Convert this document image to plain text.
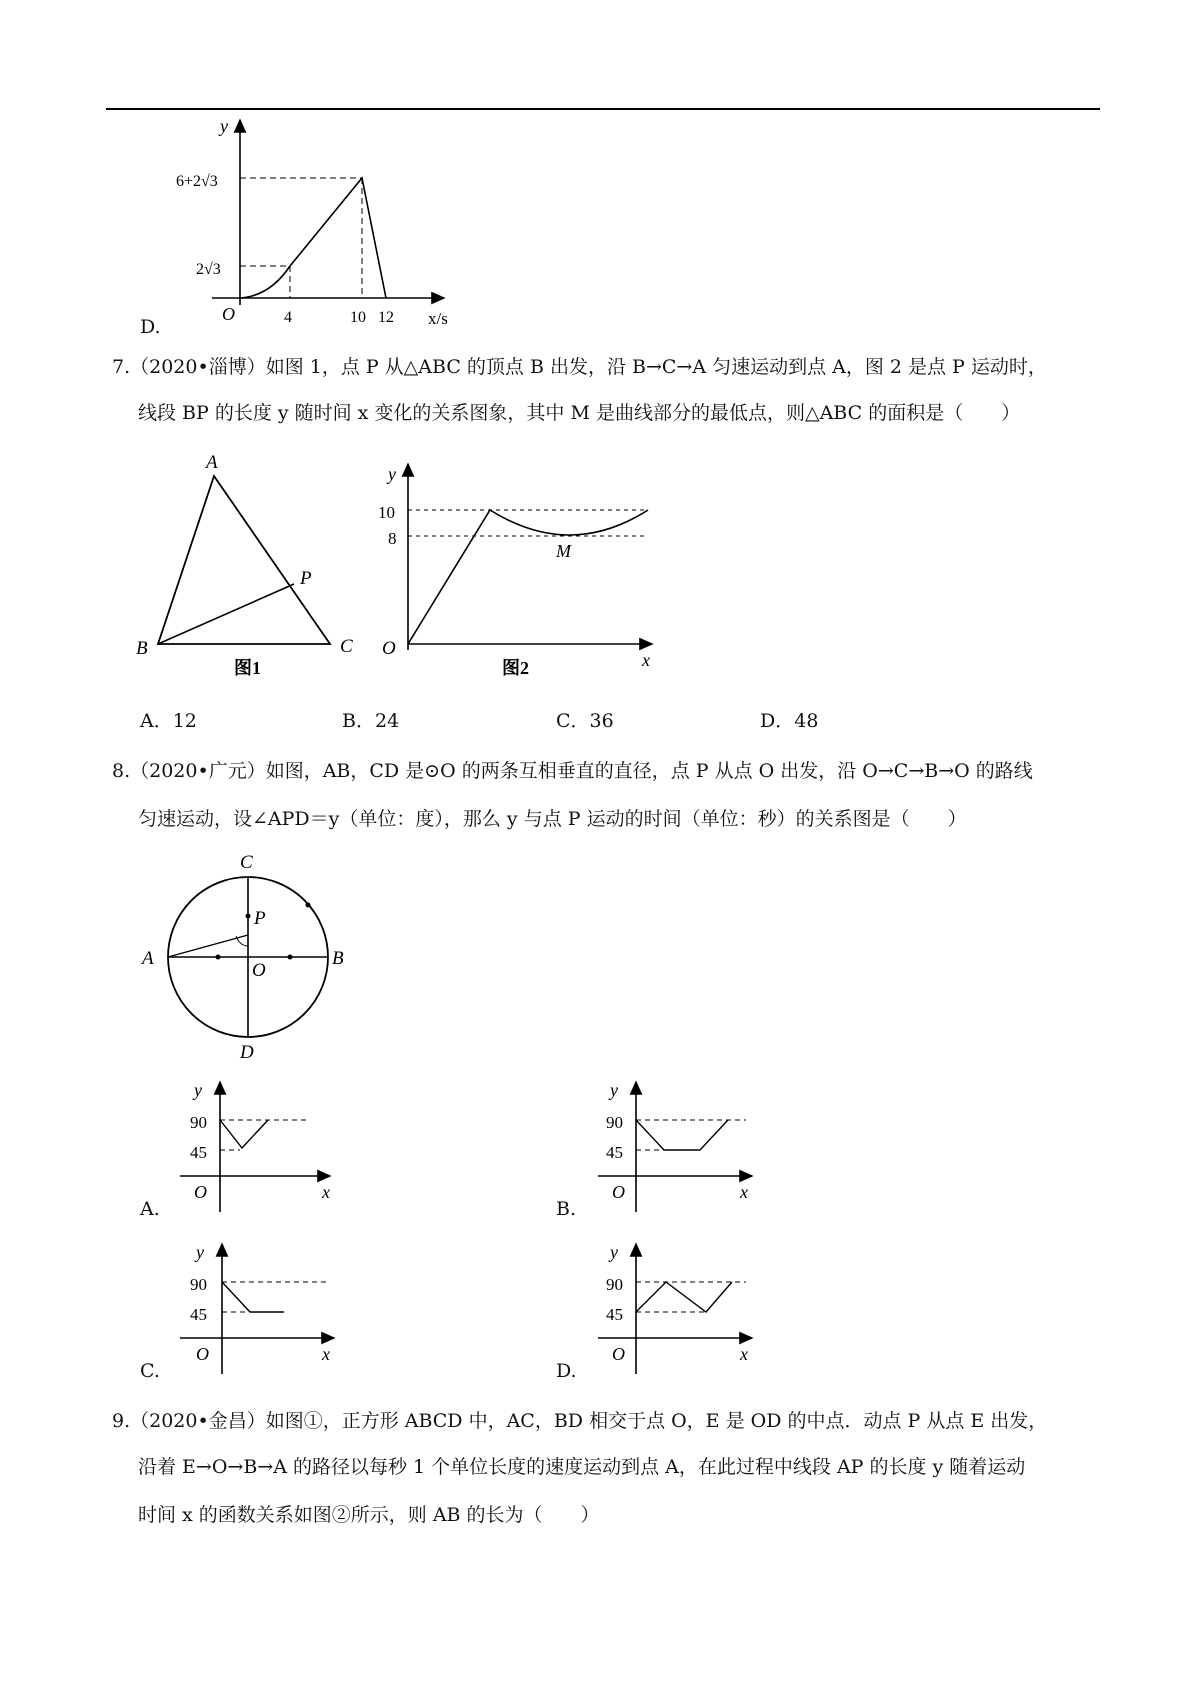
D.
y
6+2√3
2√3
O	4	10 12 x/s
7.（2020•淄博）如图 1，点 P 从△ABC 的顶点 B 出发，沿 B→C→A 匀速运动到点 A，图 2 是点 P 运动时，
线段 BP 的长度 y 随时间 x 变化的关系图象，其中 M 是曲线部分的最低点，则△ABC 的面积是（　　）
A
B	C
P
图1
y
10
8
O
M
x
图2
A．12	B．24	C．36	D．48
8.（2020•广元）如图，AB，CD 是⊙O 的两条互相垂直的直径，点 P 从点 O 出发，沿 O→C→B→O 的路线
匀速运动，设∠APD＝y（单位：度），那么 y 与点 P 运动的时间（单位：秒）的关系图是（　　）
C
A	B
D
O
P
y
90
45
O	x
A.
y
90
45
O	x
B.
y
90
45
O	x
C.
y
90
45
O	x
D.
9.（2020•金昌）如图①，正方形 ABCD 中，AC，BD 相交于点 O，E 是 OD 的中点．动点 P 从点 E 出发，
沿着 E→O→B→A 的路径以每秒 1 个单位长度的速度运动到点 A，在此过程中线段 AP 的长度 y 随着运动
时间 x 的函数关系如图②所示，则 AB 的长为（　　）
